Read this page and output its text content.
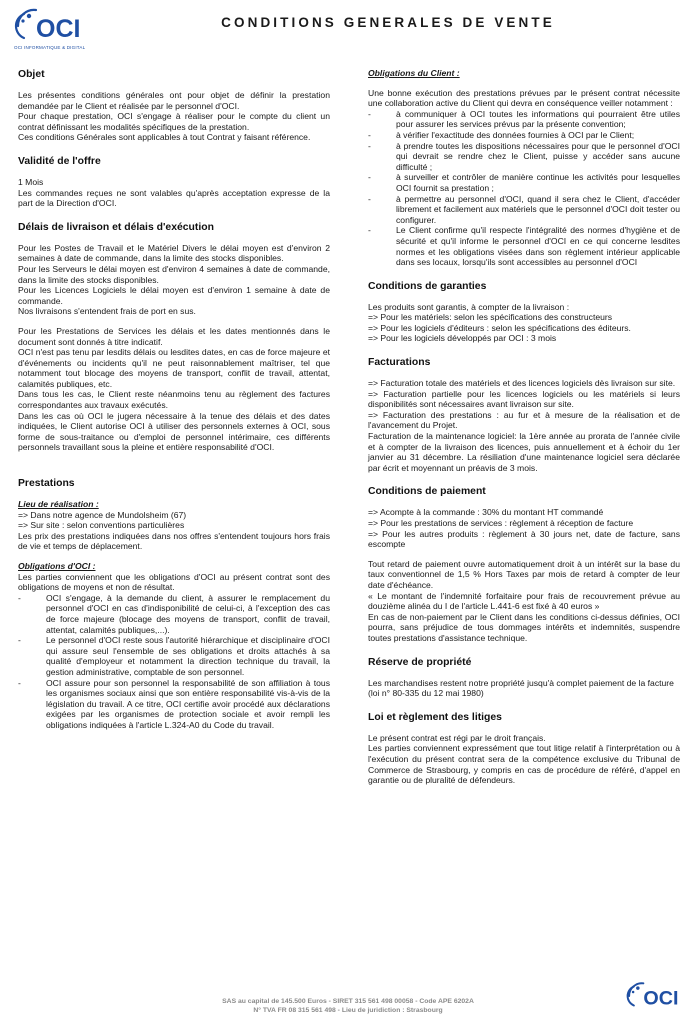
OCI
OCI INFORMATIQUE & DIGITAL
CONDITIONS GENERALES DE VENTE
Objet

Les présentes conditions générales ont pour objet de définir la prestation demandée par le Client et réalisée par le personnel d'OCI.

Pour chaque prestation, OCI s'engage à réaliser pour le compte du client un contrat définissant les modalités spécifiques de la prestation.

Ces conditions Générales sont applicables à tout Contrat y faisant référence.

Validité de l'offre

1 Mois

Les commandes reçues ne sont valables qu'après acceptation expresse de la part de la Direction d'OCI.

Délais de livraison et délais d'exécution

Pour les Postes de Travail et le Matériel Divers le délai moyen est d'environ 2 semaines à date de commande, dans la limite des stocks disponibles.

Pour les Serveurs le délai moyen est d'environ 4 semaines à date de commande, dans la limite des stocks disponibles.

Pour les Licences Logiciels le délai moyen est d'environ 1 semaine à date de commande.

Nos livraisons s'entendent frais de port en sus.

Pour les Prestations de Services les délais et les dates mentionnés dans le document sont donnés à titre indicatif.

OCI n'est pas tenu par lesdits délais ou lesdites dates, en cas de force majeure et d'événements ou incidents qu'il ne peut raisonnablement maîtriser, tel que notamment tout blocage des moyens de transport, conflit de travail, attentat, calamités publiques, etc.

Dans tous les cas, le Client reste néanmoins tenu au règlement des factures correspondantes aux travaux exécutés.

Dans les cas où OCI le jugera nécessaire à la tenue des délais et des dates indiquées, le Client autorise OCI à utiliser des personnels externes à OCI, sous forme de sous-traitance ou d'emploi de personnel intérimaire, ces différents personnels travaillant sous la pleine et entière responsabilité d'OCI.

Prestations
Lieu de réalisation :

=> Dans notre agence de Mundolsheim (67)

=> Sur site : selon conventions particulières

Les prix des prestations indiquées dans nos offres s'entendent toujours hors frais de vie et temps de déplacement.

Obligations d'OCI :

Les parties conviennent que les obligations d'OCI au présent contrat sont des obligations de moyens et non de résultat.

- OCI s'engage, à la demande du client, à assurer le remplacement du personnel d'OCI en cas d'indisponibilité de celui-ci, à l'exception des cas de force majeure (blocage des moyens de transport, conflit de travail, attentat, calamités publiques,...).
- Le personnel d'OCI reste sous l'autorité hiérarchique et disciplinaire d'OCI qui assure seul l'ensemble de ses obligations et droits attachés à sa qualité d'employeur et notamment la direction technique du travail, la gestion administrative, comptable de son personnel.
- OCI assure pour son personnel la responsabilité de son affiliation à tous les organismes sociaux ainsi que son entière responsabilité vis-à-vis de la législation du travail. A ce titre, OCI certifie avoir procédé aux déclarations exigées par les organismes de protection sociale et avoir rempli les obligations indiquées à l'article L.324-A0 du Code du travail.
Obligations du Client :

Une bonne exécution des prestations prévues par le présent contrat nécessite une collaboration active du Client qui devra en conséquence veiller notamment :

- à communiquer à OCI toutes les informations qui pourraient être utiles pour assurer les services prévus par la présente convention;
- à vérifier l'exactitude des données fournies à OCI par le Client;
- à prendre toutes les dispositions nécessaires pour que le personnel d'OCI qui devrait se rendre chez le Client, puisse y accéder sans aucune difficulté ;
- à surveiller et contrôler de manière continue les activités pour lesquelles OCI fournit sa prestation ;
- à permettre au personnel d'OCI, quand il sera chez le Client, d'accéder librement et facilement aux matériels que le personnel d'OCI doit tester ou configurer.
- Le Client confirme qu'il respecte l'intégralité des normes d'hygiène et de sécurité et qu'il informe le personnel d'OCI en ce qui concerne lesdites normes et les obligations visées dans son règlement intérieur applicable dans ses locaux, lorsqu'ils sont accessibles au personnel d'OCI
Conditions de garanties

Les produits sont garantis, à compter de la livraison :

=> Pour les matériels: selon les spécifications des constructeurs

=> Pour les logiciels d'éditeurs : selon les spécifications des éditeurs.

=> Pour les logiciels développés par OCI : 3 mois

Facturations

=> Facturation totale des matériels et des licences logiciels dès livraison sur site.

=> Facturation partielle pour les licences logiciels ou les matériels si leurs disponibilités sont nécessaires avant livraison sur site.

=> Facturation des prestations : au fur et à mesure de la réalisation et de l'avancement du Projet.

Facturation de la maintenance logiciel: la 1ère année au prorata de l'année civile et à compter de la livraison des licences, puis annuellement et à échoir du 1er janvier au 31 décembre. La résiliation d'une maintenance logiciel sera déclarée par écrit et moyennant un préavis de 3 mois.

Conditions de paiement

=> Acompte à la commande : 30% du montant HT commandé

=> Pour les prestations de services : règlement à réception de facture

=> Pour les autres produits : règlement à 30 jours net, date de facture, sans escompte

Tout retard de paiement ouvre automatiquement droit à un intérêt sur la base du taux conventionnel de 1,5 % Hors Taxes par mois de retard à compter de leur date d'échéance.

« Le montant de l'indemnité forfaitaire pour frais de recouvrement prévue au douzième alinéa du I de l'article L.441-6 est fixé à 40 euros »

En cas de non-paiement par le Client dans les conditions ci-dessus définies, OCI pourra, sans préjudice de tous dommages intérêts et indemnités, suspendre toutes prestations d'assistance technique.

Réserve de propriété

Les marchandises restent notre propriété jusqu'à complet paiement de la facture

(loi n° 80-335 du 12 mai 1980)

Loi et règlement des litiges

Le présent contrat est régi par le droit français.

Les parties conviennent expressément que tout litige relatif à l'interprétation ou à l'exécution du présent contrat sera de la compétence exclusive du Tribunal de Commerce de Strasbourg, y compris en cas de procédure de référé, d'appel en garantie ou de pluralité de défendeurs.

SAS au capital de 145.500 Euros - SIRET 315 561 498 00058 - Code APE 6202A
N° TVA FR 08 315 561 498 - Lieu de juridiction : Strasbourg
OCI
